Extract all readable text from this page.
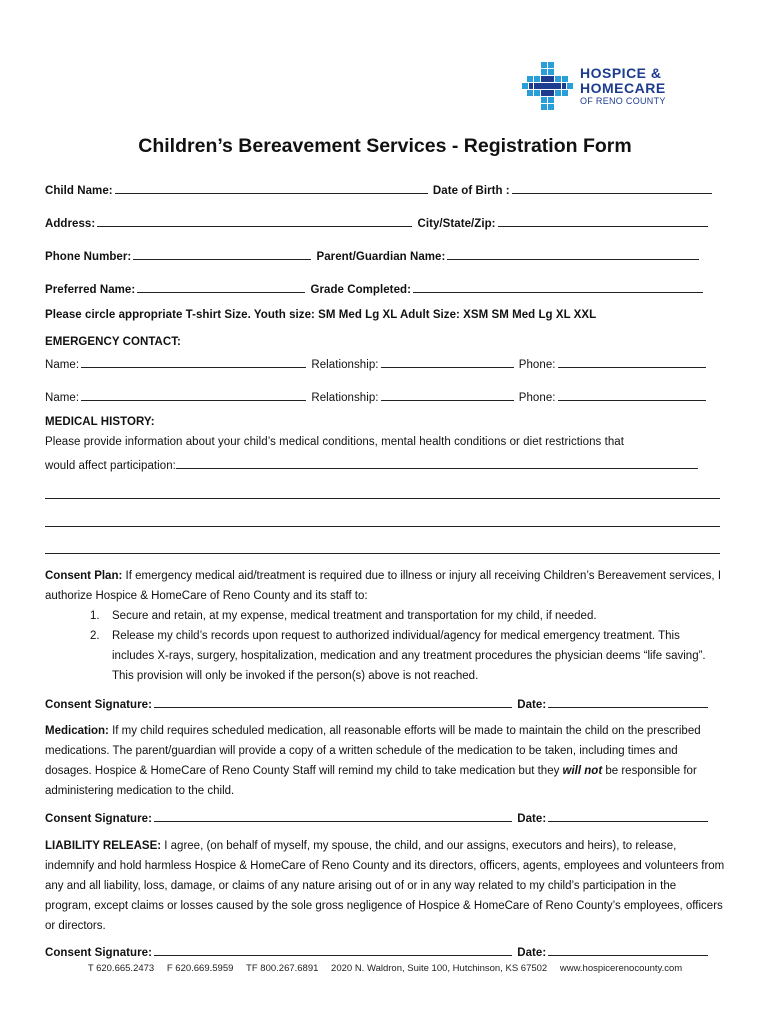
HOSPICE &
HOMECARE
OF RENO COUNTY
Children’s Bereavement Services - Registration Form
Child Name:	Date of Birth :
Address:	City/State/Zip:
Phone Number:	Parent/Guardian Name:
Preferred Name:	Grade Completed:
Please circle appropriate T-shirt Size. Youth size: SM Med Lg XL Adult Size: XSM SM Med Lg XL XXL
EMERGENCY CONTACT:
Name:	Relationship:	Phone:
Name:	Relationship:	Phone:
MEDICAL HISTORY:
Please provide information about your child’s medical conditions, mental health conditions or diet restrictions that
would affect participation:
Consent Plan: If emergency medical aid/treatment is required due to illness or injury all receiving Children’s Bereavement services, I authorize Hospice & HomeCare of Reno County and its staff to:
1.	Secure and retain, at my expense, medical treatment and transportation for my child, if needed.
2.	Release my child’s records upon request to authorized individual/agency for medical emergency treatment. This includes X-rays, surgery, hospitalization, medication and any treatment procedures the physician deems “life saving”. This provision will only be invoked if the person(s) above is not reached.
Consent Signature:	Date:
Medication: If my child requires scheduled medication, all reasonable efforts will be made to maintain the child on the prescribed medications. The parent/guardian will provide a copy of a written schedule of the medication to be taken, including times and dosages. Hospice & HomeCare of Reno County Staff will remind my child to take medication but they will not be responsible for administering medication to the child.
Consent Signature:	Date:
LIABILITY RELEASE: I agree, (on behalf of myself, my spouse, the child, and our assigns, executors and heirs), to release, indemnify and hold harmless Hospice & HomeCare of Reno County and its directors, officers, agents, employees and volunteers from any and all liability, loss, damage, or claims of any nature arising out of or in any way related to my child’s participation in the program, except claims or losses caused by the sole gross negligence of Hospice & HomeCare of Reno County’s employees, officers or directors.
Consent Signature:	Date:
T 620.665.2473 F 620.669.5959 TF 800.267.6891 2020 N. Waldron, Suite 100, Hutchinson, KS 67502 www.hospicerenocounty.com
